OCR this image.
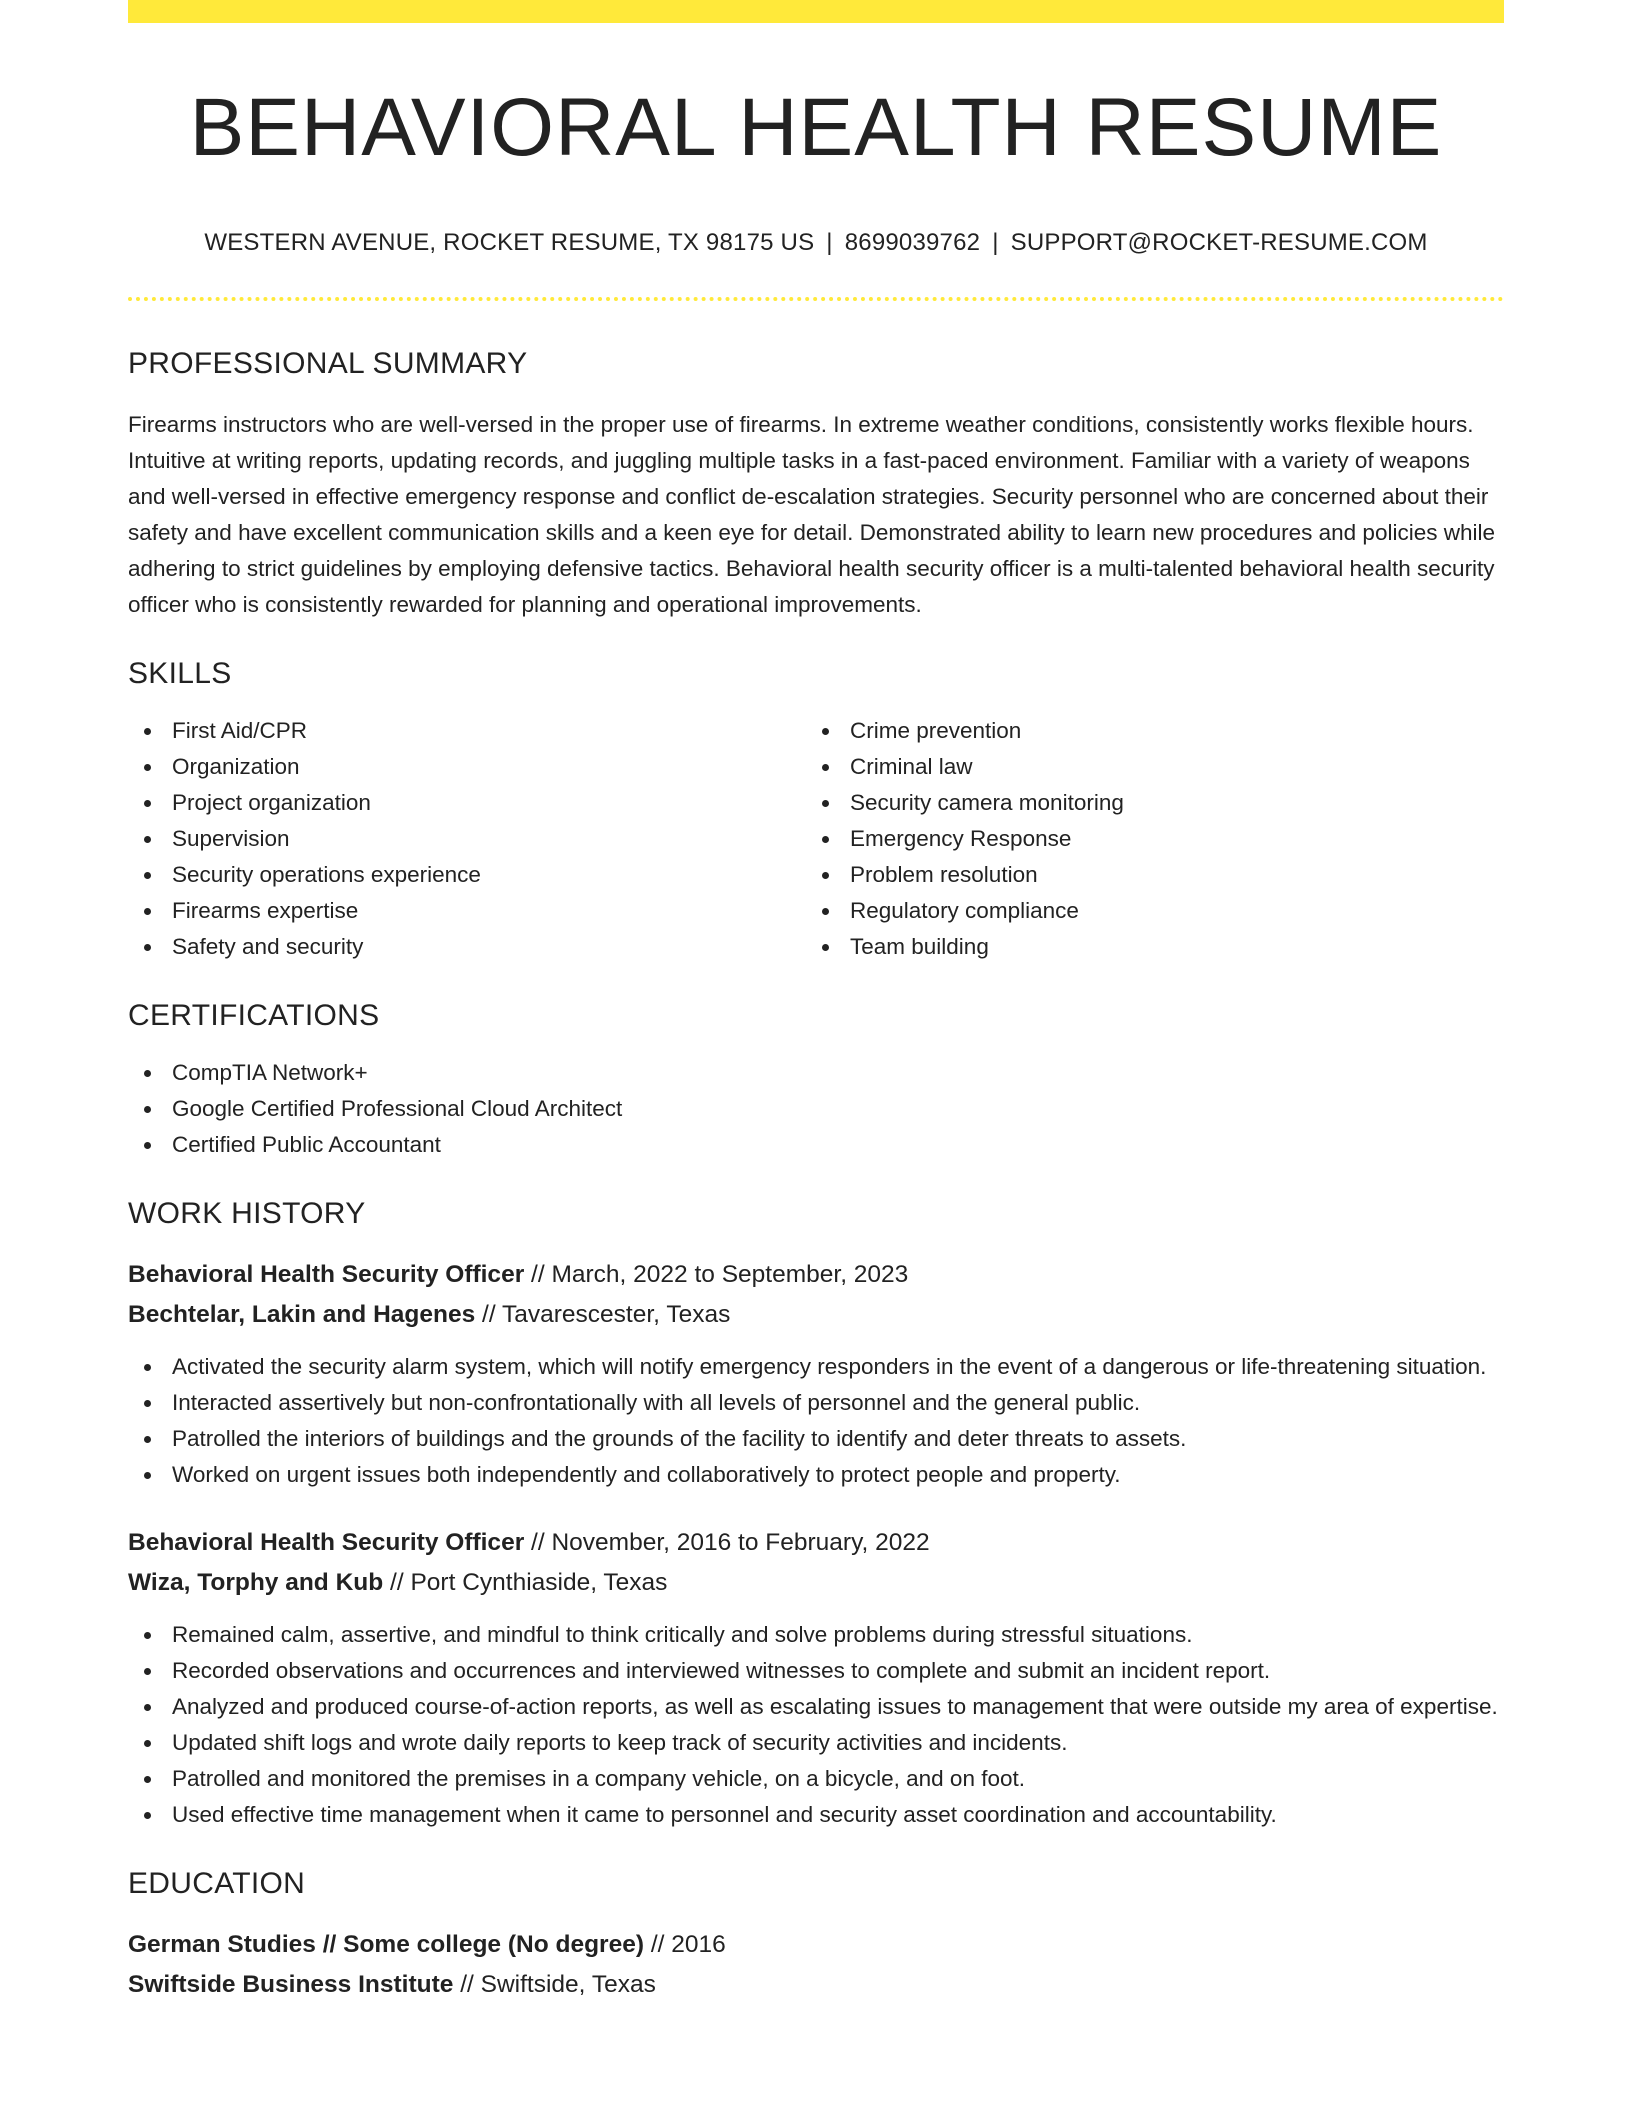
BEHAVIORAL HEALTH RESUME
WESTERN AVENUE, ROCKET RESUME, TX 98175 US | 8699039762 | SUPPORT@ROCKET-RESUME.COM
PROFESSIONAL SUMMARY
Firearms instructors who are well-versed in the proper use of firearms. In extreme weather conditions, consistently works flexible hours. Intuitive at writing reports, updating records, and juggling multiple tasks in a fast-paced environment. Familiar with a variety of weapons and well-versed in effective emergency response and conflict de-escalation strategies. Security personnel who are concerned about their safety and have excellent communication skills and a keen eye for detail. Demonstrated ability to learn new procedures and policies while adhering to strict guidelines by employing defensive tactics. Behavioral health security officer is a multi-talented behavioral health security officer who is consistently rewarded for planning and operational improvements.
SKILLS
First Aid/CPR
Organization
Project organization
Supervision
Security operations experience
Firearms expertise
Safety and security
Crime prevention
Criminal law
Security camera monitoring
Emergency Response
Problem resolution
Regulatory compliance
Team building
CERTIFICATIONS
CompTIA Network+
Google Certified Professional Cloud Architect
Certified Public Accountant
WORK HISTORY
Behavioral Health Security Officer // March, 2022 to September, 2023
Bechtelar, Lakin and Hagenes // Tavarescester, Texas
Activated the security alarm system, which will notify emergency responders in the event of a dangerous or life-threatening situation.
Interacted assertively but non-confrontationally with all levels of personnel and the general public.
Patrolled the interiors of buildings and the grounds of the facility to identify and deter threats to assets.
Worked on urgent issues both independently and collaboratively to protect people and property.
Behavioral Health Security Officer // November, 2016 to February, 2022
Wiza, Torphy and Kub // Port Cynthiaside, Texas
Remained calm, assertive, and mindful to think critically and solve problems during stressful situations.
Recorded observations and occurrences and interviewed witnesses to complete and submit an incident report.
Analyzed and produced course-of-action reports, as well as escalating issues to management that were outside my area of expertise.
Updated shift logs and wrote daily reports to keep track of security activities and incidents.
Patrolled and monitored the premises in a company vehicle, on a bicycle, and on foot.
Used effective time management when it came to personnel and security asset coordination and accountability.
EDUCATION
German Studies // Some college (No degree) // 2016
Swiftside Business Institute // Swiftside, Texas
